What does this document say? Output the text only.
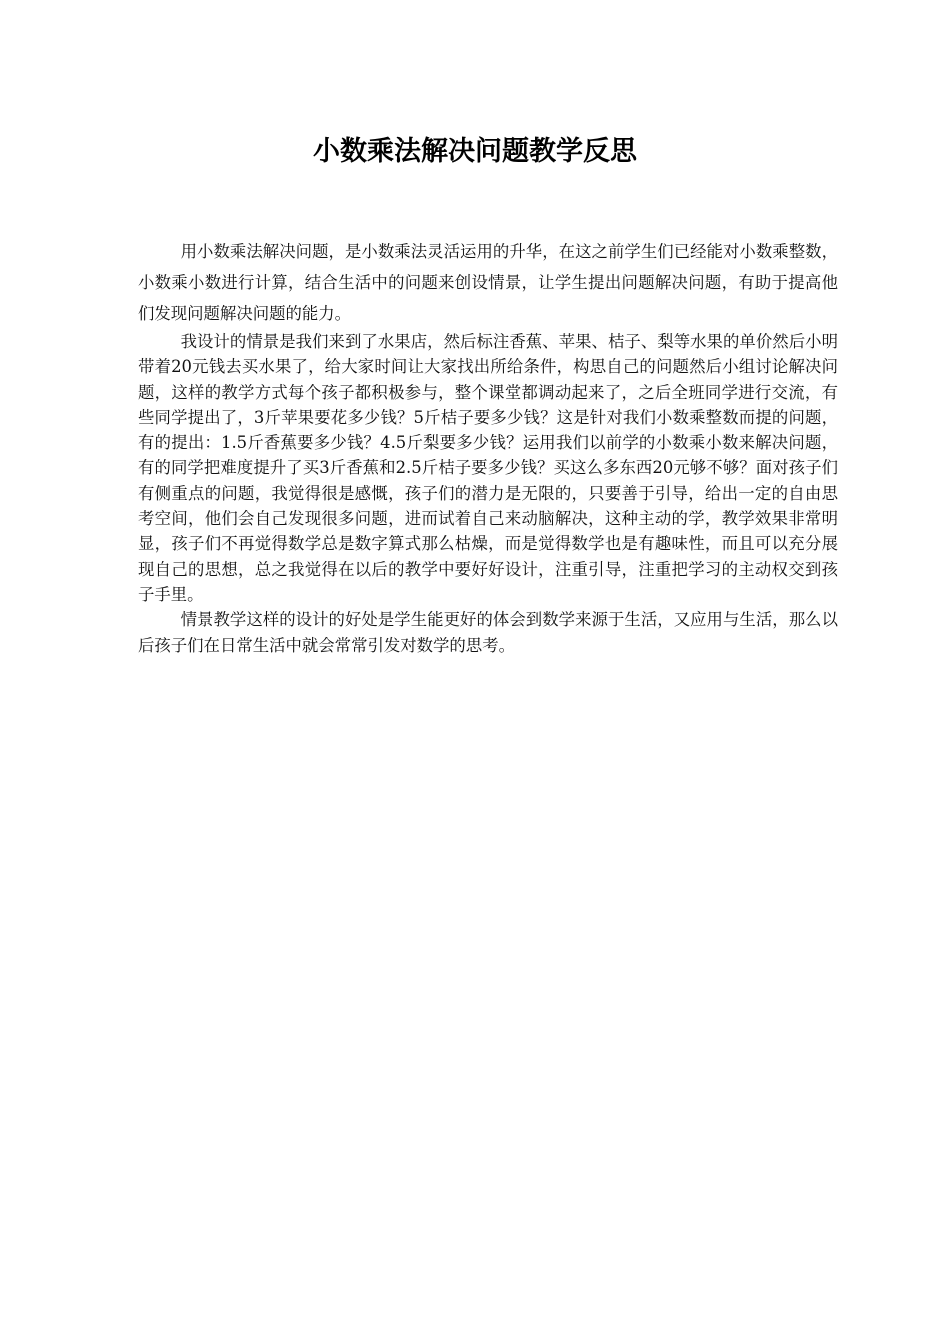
小数乘法解决问题教学反思

用小数乘法解决问题，是小数乘法灵活运用的升华，在这之前学生们已经能对小数乘整数，小数乘小数进行计算，结合生活中的问题来创设情景，让学生提出问题解决问题，有助于提高他们发现问题解决问题的能力。

我设计的情景是我们来到了水果店，然后标注香蕉、苹果、桔子、梨等水果的单价然后小明带着20元钱去买水果了，给大家时间让大家找出所给条件，构思自己的问题然后小组讨论解决问题，这样的教学方式每个孩子都积极参与，整个课堂都调动起来了，之后全班同学进行交流，有些同学提出了，3斤苹果要花多少钱？5斤桔子要多少钱？这是针对我们小数乘整数而提的问题，有的提出：1.5斤香蕉要多少钱？4.5斤梨要多少钱？运用我们以前学的小数乘小数来解决问题，有的同学把难度提升了买3斤香蕉和2.5斤桔子要多少钱？买这么多东西20元够不够？面对孩子们有侧重点的问题，我觉得很是感慨，孩子们的潜力是无限的，只要善于引导，给出一定的自由思考空间，他们会自己发现很多问题，进而试着自己来动脑解决，这种主动的学，教学效果非常明显，孩子们不再觉得数学总是数字算式那么枯燥，而是觉得数学也是有趣味性，而且可以充分展现自己的思想，总之我觉得在以后的教学中要好好设计，注重引导，注重把学习的主动权交到孩子手里。

情景教学这样的设计的好处是学生能更好的体会到数学来源于生活，又应用与生活，那么以后孩子们在日常生活中就会常常引发对数学的思考。
